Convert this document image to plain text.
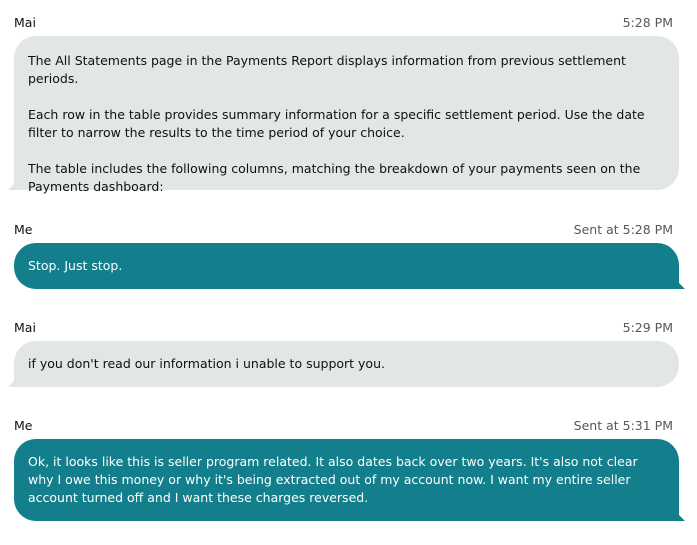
Mai	5:28 PM

The All Statements page in the Payments Report displays information from previous settlement periods.

Each row in the table provides summary information for a specific settlement period. Use the date filter to narrow the results to the time period of your choice.

The table includes the following columns, matching the breakdown of your payments seen on the Payments dashboard:

Me	Sent at 5:28 PM

Stop. Just stop.

Mai	5:29 PM

if you don't read our information i unable to support you.

Me	Sent at 5:31 PM

Ok, it looks like this is seller program related. It also dates back over two years. It's also not clear why I owe this money or why it's being extracted out of my account now. I want my entire seller account turned off and I want these charges reversed.
